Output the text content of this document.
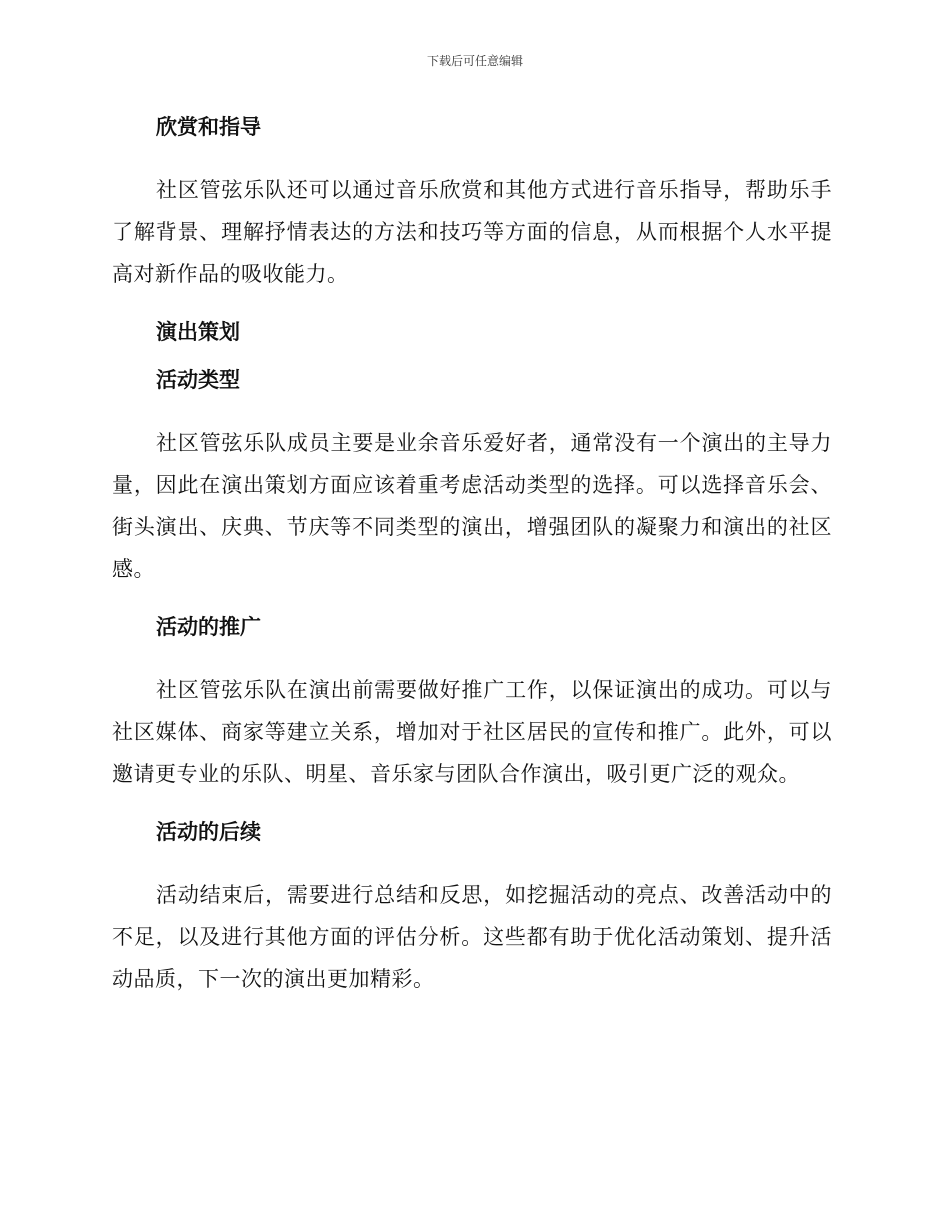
下载后可任意编辑
欣赏和指导

社区管弦乐队还可以通过音乐欣赏和其他方式进行音乐指导，帮助乐手了解背景、理解抒情表达的方法和技巧等方面的信息，从而根据个人水平提高对新作品的吸收能力。

演出策划
活动类型

社区管弦乐队成员主要是业余音乐爱好者，通常没有一个演出的主导力量，因此在演出策划方面应该着重考虑活动类型的选择。可以选择音乐会、街头演出、庆典、节庆等不同类型的演出，增强团队的凝聚力和演出的社区感。

活动的推广

社区管弦乐队在演出前需要做好推广工作，以保证演出的成功。可以与社区媒体、商家等建立关系，增加对于社区居民的宣传和推广。此外，可以邀请更专业的乐队、明星、音乐家与团队合作演出，吸引更广泛的观众。

活动的后续

活动结束后，需要进行总结和反思，如挖掘活动的亮点、改善活动中的不足，以及进行其他方面的评估分析。这些都有助于优化活动策划、提升活动品质，下一次的演出更加精彩。
